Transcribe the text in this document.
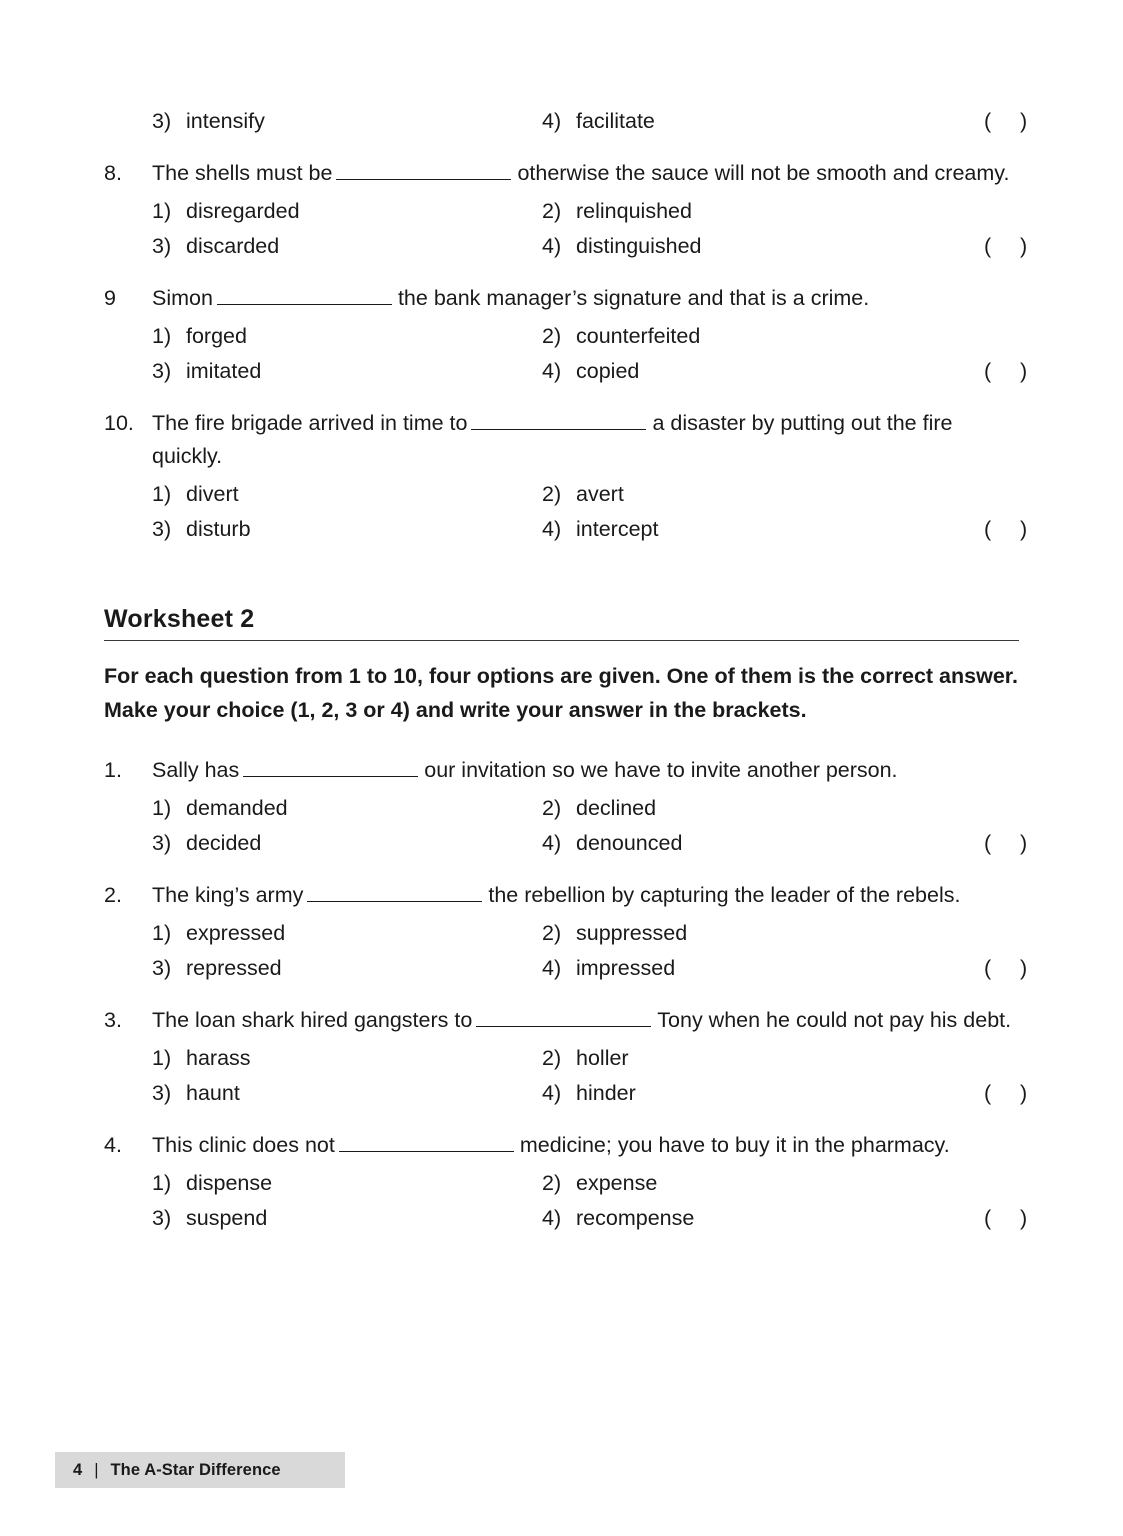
3) intensify	4) facilitate	(    )
8.	The shells must be	otherwise the sauce will not be smooth and creamy.
1) disregarded	2) relinquished
3) discarded	4) distinguished	(    )
9	Simon	the bank manager’s signature and that is a crime.
1) forged	2) counterfeited
3) imitated	4) copied	(    )
10. The fire brigade arrived in time to	a disaster by putting out the fire quickly.
1) divert	2) avert
3) disturb	4) intercept	(    )
Worksheet 2
For each question from 1 to 10, four options are given. One of them is the correct answer. Make your choice (1, 2, 3 or 4) and write your answer in the brackets.
1.	Sally has	our invitation so we have to invite another person.
1) demanded	2) declined
3) decided	4) denounced	(    )
2.	The king’s army	the rebellion by capturing the leader of the rebels.
1) expressed	2) suppressed
3) repressed	4) impressed	(    )
3.	The loan shark hired gangsters to	Tony when he could not pay his debt.
1) harass	2) holler
3) haunt	4) hinder	(    )
4.	This clinic does not	medicine; you have to buy it in the pharmacy.
1) dispense	2) expense
3) suspend	4) recompense	(    )
4 | The A-Star Difference
